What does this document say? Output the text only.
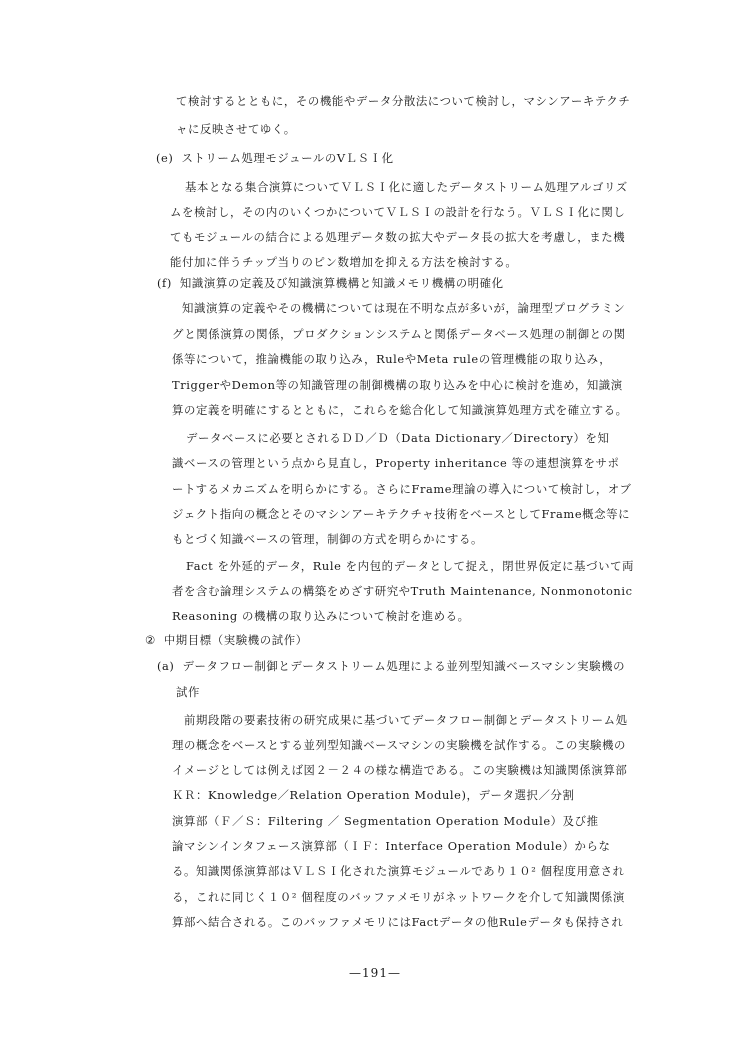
て検討するとともに，その機能やデータ分散法について検討し，マシンアーキテクチ
ャに反映させてゆく。
(e) ストリーム処理モジュールのVＬＳＩ化
基本となる集合演算についてＶＬＳＩ化に適したデータストリーム処理アルゴリズ
ムを検討し，その内のいくつかについてＶＬＳＩの設計を行なう。ＶＬＳＩ化に関し
てもモジュールの結合による処理データ数の拡大やデータ長の拡大を考慮し，また機
能付加に伴うチップ当りのピン数増加を抑える方法を検討する。
(f) 知識演算の定義及び知識演算機構と知識メモリ機構の明確化
知識演算の定義やその機構については現在不明な点が多いが，論理型プログラミン
グと関係演算の関係，プロダクションシステムと関係データベース処理の制御との関
係等について，推論機能の取り込み，RuleやMeta ruleの管理機能の取り込み，
TriggerやDemon等の知識管理の制御機構の取り込みを中心に検討を進め，知識演
算の定義を明確にするとともに，これらを総合化して知識演算処理方式を確立する。
データベースに必要とされるＤＤ／Ｄ（Data Dictionary／Directory）を知
識ベースの管理という点から見直し，Property inheritance 等の連想演算をサポ
ートするメカニズムを明らかにする。さらにFrame理論の導入について検討し，オブ
ジェクト指向の概念とそのマシンアーキテクチャ技術をベースとしてFrame概念等に
もとづく知識ベースの管理，制御の方式を明らかにする。
Fact を外延的データ，Rule を内包的データとして捉え，閉世界仮定に基づいて両
者を含む論理システムの構築をめざす研究やTruth Maintenance, Nonmonotonic
Reasoning の機構の取り込みについて検討を進める。
② 中期目標（実験機の試作）
(a) データフロー制御とデータストリーム処理による並列型知識ベースマシン実験機の
試作
前期段階の要素技術の研究成果に基づいてデータフロー制御とデータストリーム処
理の概念をベースとする並列型知識ベースマシンの実験機を試作する。この実験機の
イメージとしては例えば図２－２４の様な構造である。この実験機は知識関係演算部
ＫＲ：Knowledge／Relation Operation Module)，データ選択／分割
演算部（Ｆ／Ｓ：Filtering ／ Segmentation Operation Module）及び推
論マシンインタフェース演算部（ＩＦ：Interface Operation Module）からな
る。知識関係演算部はＶＬＳＩ化された演算モジュールであり１０² 個程度用意され
る，これに同じく１０² 個程度のバッファメモリがネットワークを介して知識関係演
算部へ結合される。このバッファメモリにはFactデータの他Ruleデータも保持され
—191—
